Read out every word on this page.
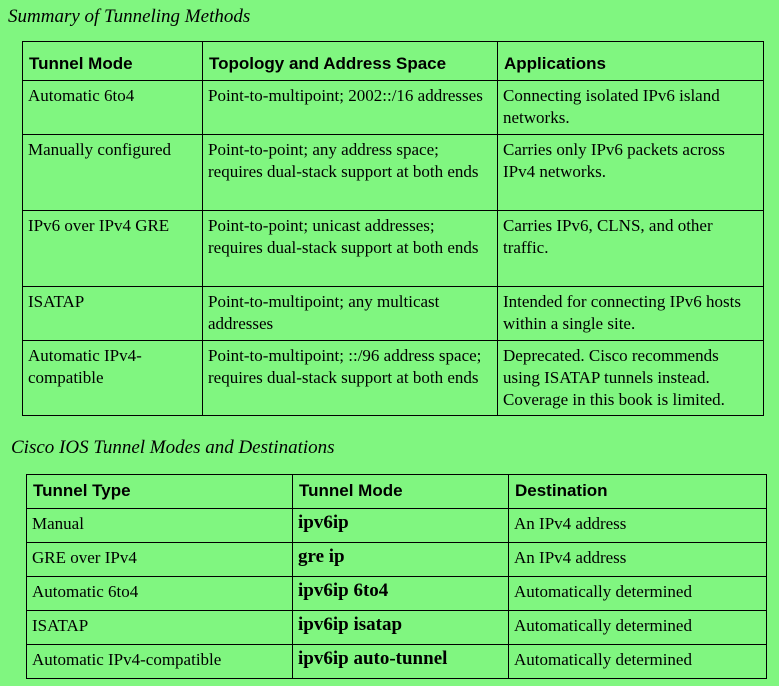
Summary of Tunneling Methods
Tunnel Mode	Topology and Address Space	Applications
Automatic 6to4	Point-to-multipoint; 2002::/16 addresses	Connecting isolated IPv6 island networks.
Manually configured	Point-to-point; any address space; requires dual-stack support at both ends	Carries only IPv6 packets across IPv4 networks.
IPv6 over IPv4 GRE	Point-to-point; unicast addresses; requires dual-stack support at both ends	Carries IPv6, CLNS, and other traffic.
ISATAP	Point-to-multipoint; any multicast addresses	Intended for connecting IPv6 hosts within a single site.
Automatic IPv4-compatible	Point-to-multipoint; ::/96 address space; requires dual-stack support at both ends	Deprecated. Cisco recommends using ISATAP tunnels instead. Coverage in this book is limited.
Cisco IOS Tunnel Modes and Destinations
Tunnel Type	Tunnel Mode	Destination
Manual	ipv6ip	An IPv4 address
GRE over IPv4	gre ip	An IPv4 address
Automatic 6to4	ipv6ip 6to4	Automatically determined
ISATAP	ipv6ip isatap	Automatically determined
Automatic IPv4-compatible	ipv6ip auto-tunnel	Automatically determined
